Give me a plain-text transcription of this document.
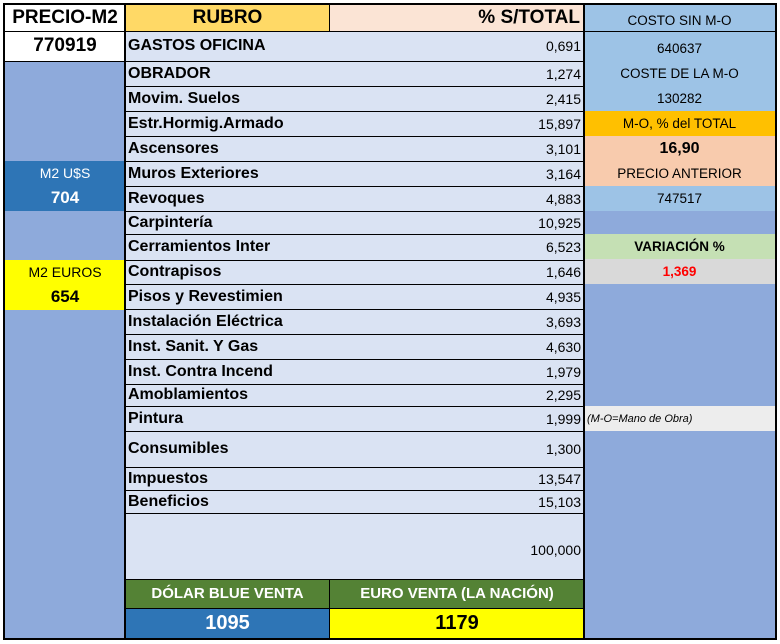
PRECIO-M2
770919
M2 U$S
704
M2 EUROS
654
RUBRO	% S/TOTAL
GASTOS OFICINA	0,691
OBRADOR	1,274
Movim. Suelos	2,415
Estr.Hormig.Armado	15,897
Ascensores	3,101
Muros Exteriores	3,164
Revoques	4,883
Carpintería	10,925
Cerramientos Inter	6,523
Contrapisos	1,646
Pisos y Revestimien	4,935
Instalación Eléctrica	3,693
Inst. Sanit. Y Gas	4,630
Inst. Contra Incend	1,979
Amoblamientos	2,295
Pintura	1,999
Consumibles	1,300
Impuestos	13,547
Beneficios	15,103
100,000
COSTO SIN M-O
640637
COSTE DE LA M-O
130282
M-O, % del TOTAL
16,90
PRECIO ANTERIOR
747517
VARIACIÓN %
1,369
(M-O=Mano de Obra)
DÓLAR BLUE VENTA	EURO VENTA (LA NACIÓN)
1095	1179
